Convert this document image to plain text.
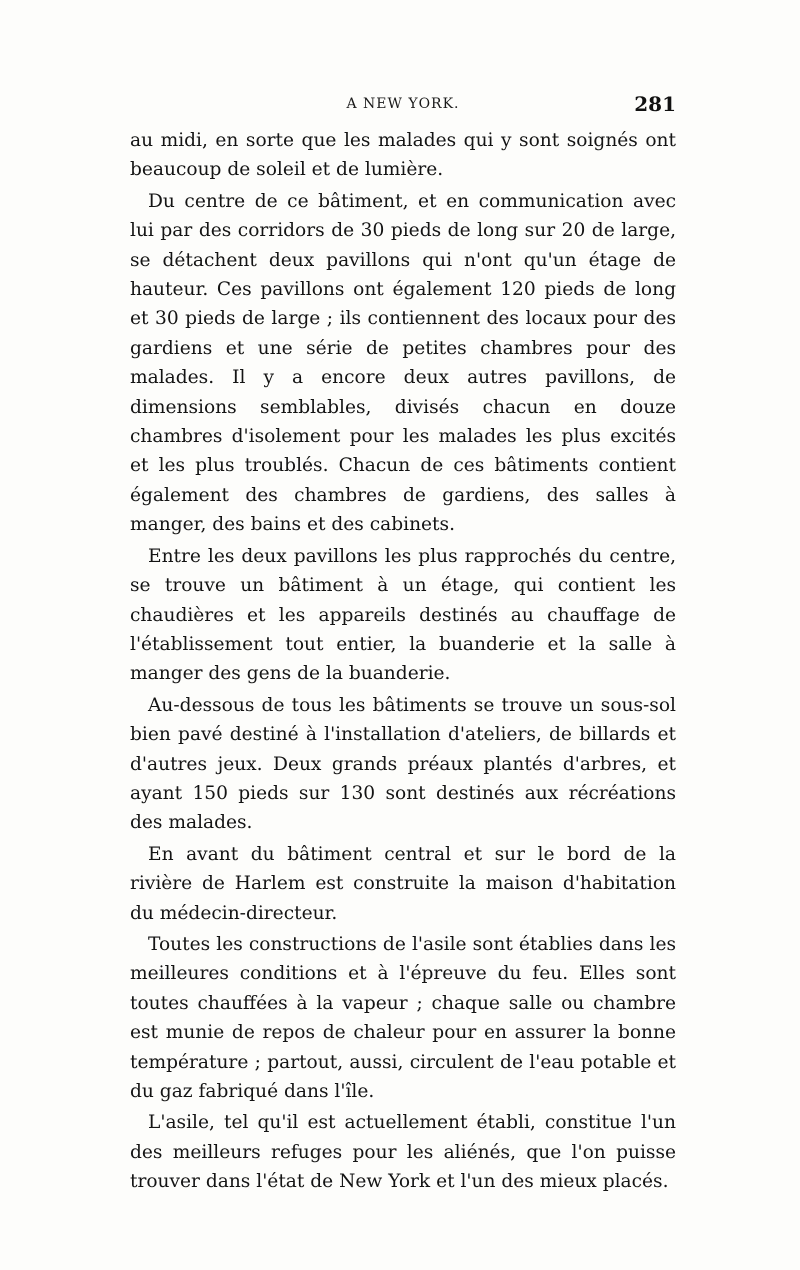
A NEW YORK.	281

au midi, en sorte que les malades qui y sont soignés ont beaucoup de soleil et de lumière.

Du centre de ce bâtiment, et en communication avec lui par des corridors de 30 pieds de long sur 20 de large, se détachent deux pavillons qui n'ont qu'un étage de hauteur. Ces pavillons ont également 120 pieds de long et 30 pieds de large ; ils contiennent des locaux pour des gardiens et une série de petites chambres pour des malades. Il y a encore deux autres pavillons, de dimensions semblables, divisés chacun en douze chambres d'isolement pour les malades les plus excités et les plus troublés. Chacun de ces bâtiments contient également des chambres de gardiens, des salles à manger, des bains et des cabinets.

Entre les deux pavillons les plus rapprochés du centre, se trouve un bâtiment à un étage, qui contient les chaudières et les appareils destinés au chauffage de l'établissement tout entier, la buanderie et la salle à manger des gens de la buanderie.

Au-dessous de tous les bâtiments se trouve un sous-sol bien pavé destiné à l'installation d'ateliers, de billards et d'autres jeux. Deux grands préaux plantés d'arbres, et ayant 150 pieds sur 130 sont destinés aux récréations des malades.

En avant du bâtiment central et sur le bord de la rivière de Harlem est construite la maison d'habitation du médecin-directeur.

Toutes les constructions de l'asile sont établies dans les meilleures conditions et à l'épreuve du feu. Elles sont toutes chauffées à la vapeur ; chaque salle ou chambre est munie de repos de chaleur pour en assurer la bonne température ; partout, aussi, circulent de l'eau potable et du gaz fabriqué dans l'île.

L'asile, tel qu'il est actuellement établi, constitue l'un des meilleurs refuges pour les aliénés, que l'on puisse trouver dans l'état de New York et l'un des mieux placés.
